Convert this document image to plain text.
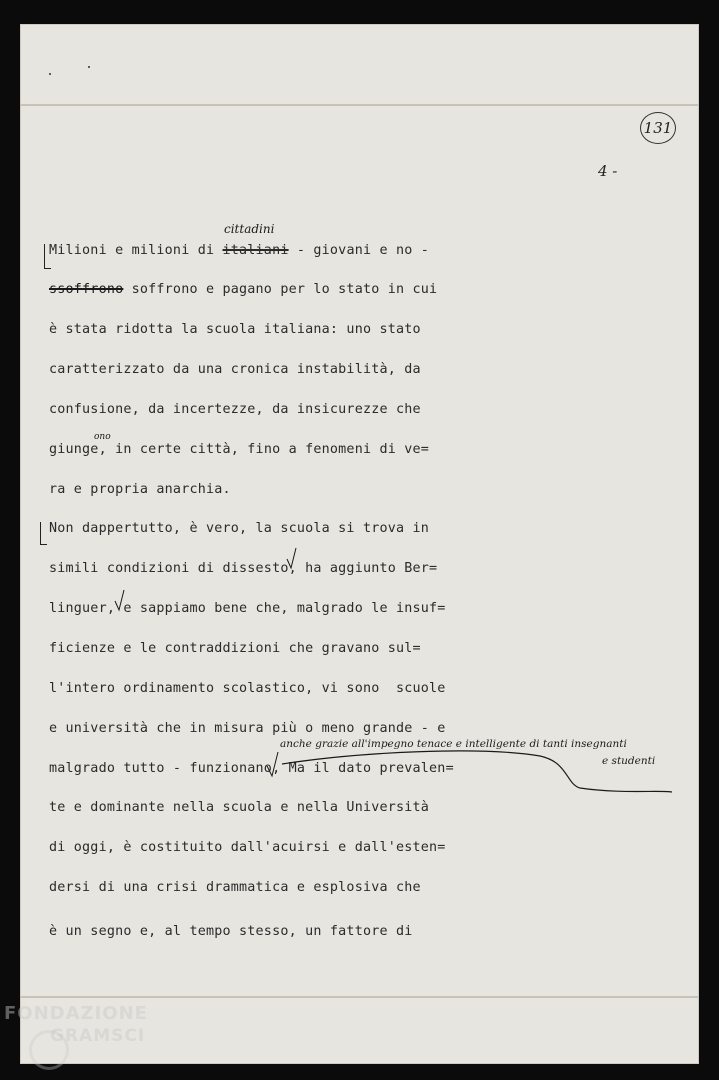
131
4 -
cittadini
Milioni e milioni di italiani - giovani e no -
ssoffrono soffrono e pagano per lo stato in cui
è stata ridotta la scuola italiana: uno stato
caratterizzato da una cronica instabilità, da
confusione, da incertezze, da insicurezze che
ono
giunge, in certe città, fino a fenomeni di ve=
ra e propria anarchia.
Non dappertutto, è vero, la scuola si trova in
simili condizioni di dissesto, ha aggiunto Ber=
linguer, e sappiamo bene che, malgrado le insuf=
ficienze e le contraddizioni che gravano sul=
l'intero ordinamento scolastico, vi sono  scuole
e università che in misura più o meno grande - e
malgrado tutto - funzionano, Ma il dato prevalen=
te e dominante nella scuola e nella Università
di oggi, è costituito dall'acuirsi e dall'esten=
dersi di una crisi drammatica e esplosiva che
è un segno e, al tempo stesso, un fattore di
anche grazie all'impegno tenace e intelligente di tanti insegnanti
e studenti
FONDAZIONE
GRAMSCI
